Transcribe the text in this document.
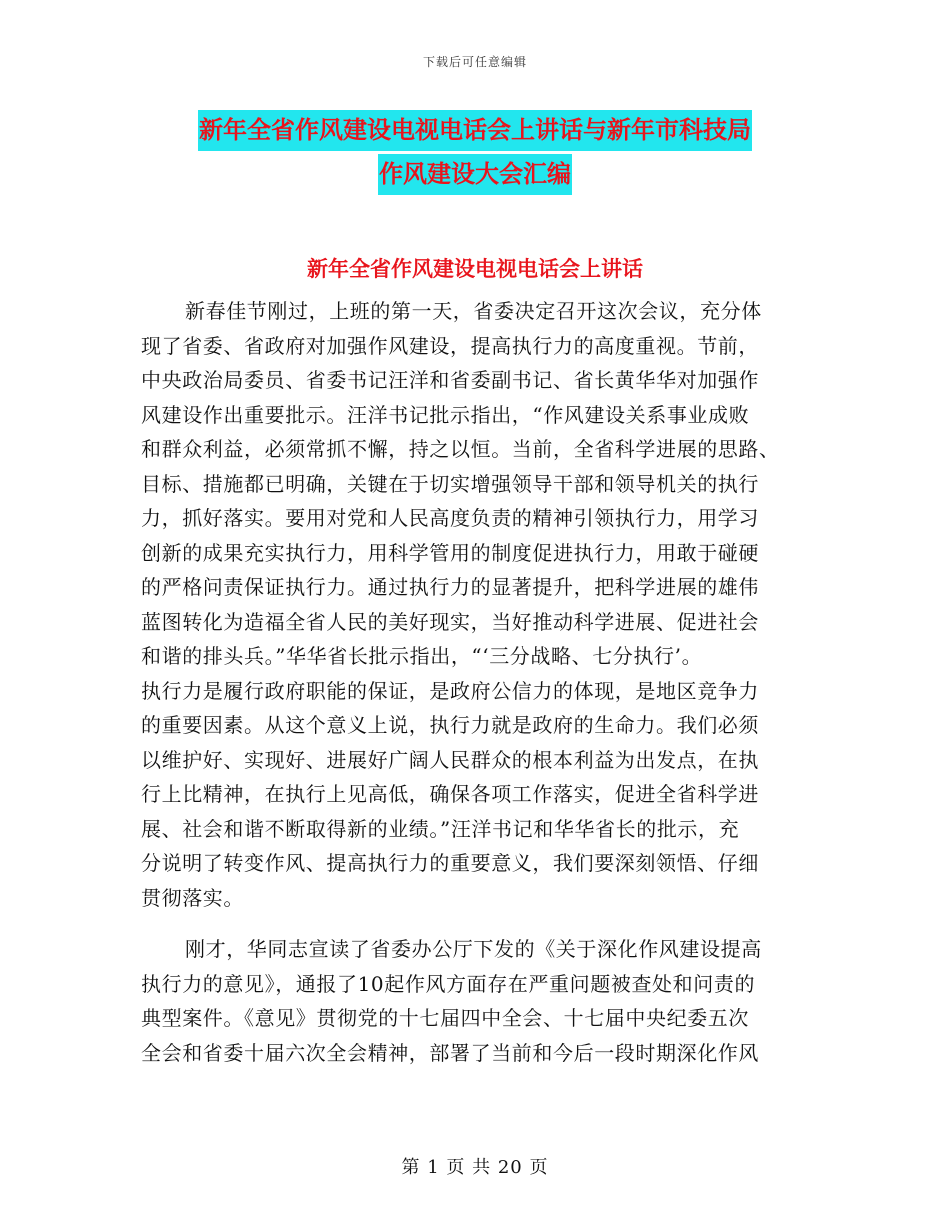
下载后可任意编辑
新年全省作风建设电视电话会上讲话与新年市科技局
作风建设大会汇编
新年全省作风建设电视电话会上讲话
新春佳节刚过，上班的第一天，省委决定召开这次会议，充分体
现了省委、省政府对加强作风建设，提高执行力的高度重视。节前，
中央政治局委员、省委书记汪洋和省委副书记、省长黄华华对加强作
风建设作出重要批示。汪洋书记批示指出，“作风建设关系事业成败
和群众利益，必须常抓不懈，持之以恒。当前，全省科学进展的思路、
目标、措施都已明确，关键在于切实增强领导干部和领导机关的执行
力，抓好落实。要用对党和人民高度负责的精神引领执行力，用学习
创新的成果充实执行力，用科学管用的制度促进执行力，用敢于碰硬
的严格问责保证执行力。通过执行力的显著提升，把科学进展的雄伟
蓝图转化为造福全省人民的美好现实，当好推动科学进展、促进社会
和谐的排头兵。”华华省长批示指出，“‘三分战略、七分执行’。
执行力是履行政府职能的保证，是政府公信力的体现，是地区竞争力
的重要因素。从这个意义上说，执行力就是政府的生命力。我们必须
以维护好、实现好、进展好广阔人民群众的根本利益为出发点，在执
行上比精神，在执行上见高低，确保各项工作落实，促进全省科学进
展、社会和谐不断取得新的业绩。”汪洋书记和华华省长的批示，充
分说明了转变作风、提高执行力的重要意义，我们要深刻领悟、仔细
贯彻落实。
刚才，华同志宣读了省委办公厅下发的《关于深化作风建设提高
执行力的意见》，通报了10起作风方面存在严重问题被查处和问责的
典型案件。《意见》贯彻党的十七届四中全会、十七届中央纪委五次
全会和省委十届六次全会精神，部署了当前和今后一段时期深化作风
第 1 页 共 20 页
